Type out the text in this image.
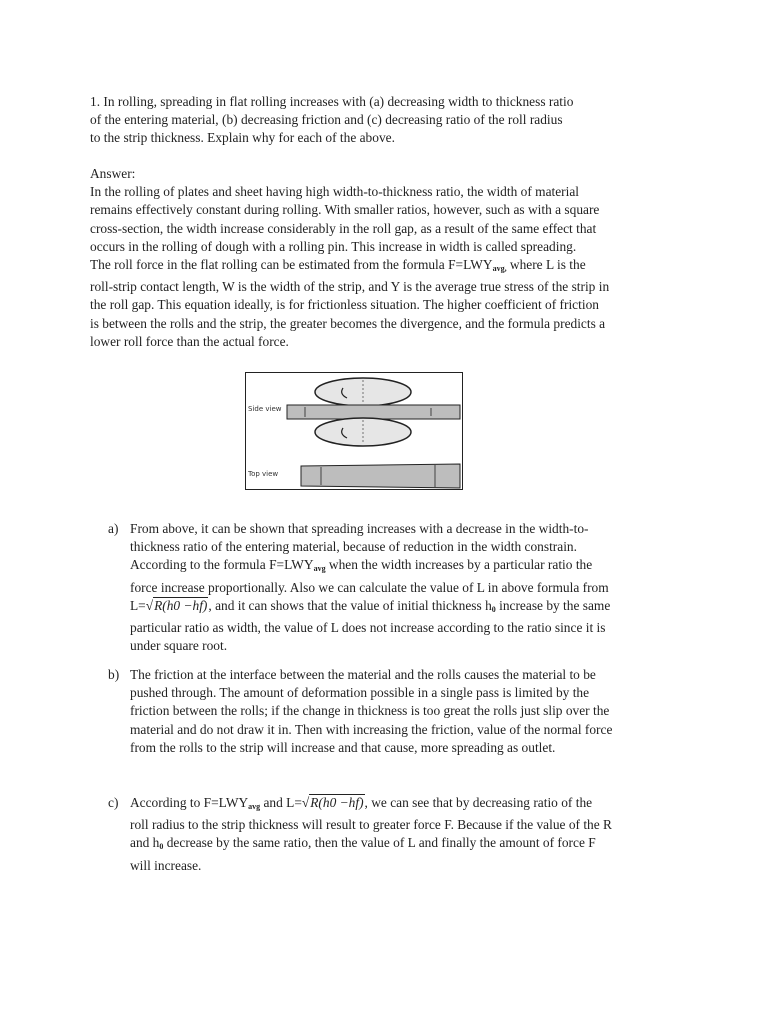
1. In rolling, spreading in flat rolling increases with (a) decreasing width to thickness ratio
of the entering material, (b) decreasing friction and (c) decreasing ratio of the roll radius
to the strip thickness. Explain why for each of the above.
Answer:
In the rolling of plates and sheet having high width-to-thickness ratio, the width of material
remains effectively constant during rolling. With smaller ratios, however, such as with a square
cross-section, the width increase considerably in the roll gap, as a result of the same effect that
occurs in the rolling of dough with a rolling pin. This increase in width is called spreading.
The roll force in the flat rolling can be estimated from the formula $F=LWY_{avg,}$ where L is the
roll-strip contact length, W is the width of the strip, and Y is the average true stress of the strip in
the roll gap. This equation ideally, is for frictionless situation. The higher coefficient of friction
is between the rolls and the strip, the greater becomes the divergence, and the formula predicts a
lower roll force than the actual force.
Side view
Top view
a) From above, it can be shown that spreading increases with a decrease in the width-to-
thickness ratio of the entering material, because of reduction in the width constrain.
According to the formula $F=LWY_{avg}$ when the width increases by a particular ratio the
force increase proportionally. Also we can calculate the value of L in above formula from
L=√R(h0 −hf), and it can shows that the value of initial thickness $h_0$ increase by the same
particular ratio as width, the value of L does not increase according to the ratio since it is
under square root.
b) The friction at the interface between the material and the rolls causes the material to be
pushed through. The amount of deformation possible in a single pass is limited by the
friction between the rolls; if the change in thickness is too great the rolls just slip over the
material and do not draw it in. Then with increasing the friction, value of the normal force
from the rolls to the strip will increase and that cause, more spreading as outlet.
c) According to $F=LWY_{avg}$ and L=√R(h0 −hf), we can see that by decreasing ratio of the
roll radius to the strip thickness will result to greater force F. Because if the value of the R
and $h_0$ decrease by the same ratio, then the value of L and finally the amount of force F
will increase.
